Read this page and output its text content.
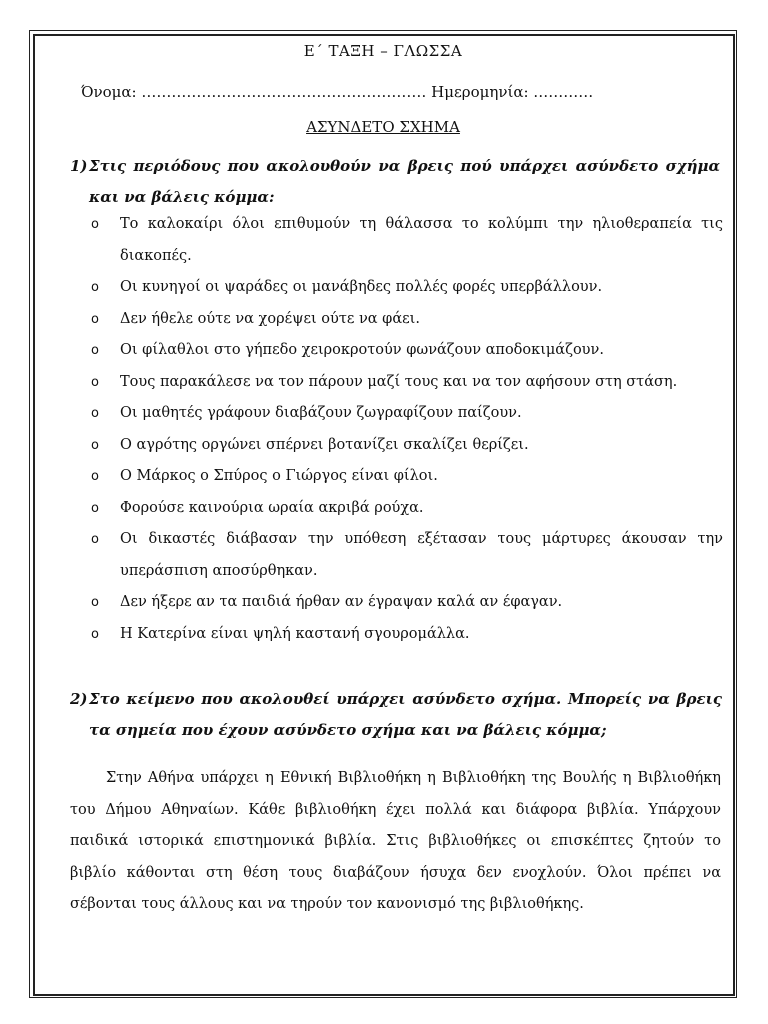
Ε΄ ΤΑΞΗ – ΓΛΩΣΣΑ
Όνομα: ………………………………………………… Ημερομηνία: …………
ΑΣΥΝΔΕΤΟ ΣΧΗΜΑ
1) Στις περιόδους που ακολουθούν να βρεις πού υπάρχει ασύνδετο σχήμα και να βάλεις κόμμα:
o Το καλοκαίρι όλοι επιθυμούν τη θάλασσα το κολύμπι την ηλιοθεραπεία τις διακοπές.
o Οι κυνηγοί οι ψαράδες οι μανάβηδες πολλές φορές υπερβάλλουν.
o Δεν ήθελε ούτε να χορέψει ούτε να φάει.
o Οι φίλαθλοι στο γήπεδο χειροκροτούν φωνάζουν αποδοκιμάζουν.
o Τους παρακάλεσε να τον πάρουν μαζί τους και να τον αφήσουν στη στάση.
o Οι μαθητές γράφουν διαβάζουν ζωγραφίζουν παίζουν.
o Ο αγρότης οργώνει σπέρνει βοτανίζει σκαλίζει θερίζει.
o Ο Μάρκος ο Σπύρος ο Γιώργος είναι φίλοι.
o Φορούσε καινούρια ωραία ακριβά ρούχα.
o Οι δικαστές διάβασαν την υπόθεση εξέτασαν τους μάρτυρες άκουσαν την υπεράσπιση αποσύρθηκαν.
o Δεν ήξερε αν τα παιδιά ήρθαν αν έγραψαν καλά αν έφαγαν.
o Η Κατερίνα είναι ψηλή καστανή σγουρομάλλα.
2) Στο κείμενο που ακολουθεί υπάρχει ασύνδετο σχήμα. Μπορείς να βρεις τα σημεία που έχουν ασύνδετο σχήμα και να βάλεις κόμμα;

Στην Αθήνα υπάρχει η Εθνική Βιβλιοθήκη η Βιβλιοθήκη της Βουλής η Βιβλιοθήκη του Δήμου Αθηναίων. Κάθε βιβλιοθήκη έχει πολλά και διάφορα βιβλία. Υπάρχουν παιδικά ιστορικά επιστημονικά βιβλία. Στις βιβλιοθήκες οι επισκέπτες ζητούν το βιβλίο κάθονται στη θέση τους διαβάζουν ήσυχα δεν ενοχλούν. Όλοι πρέπει να σέβονται τους άλλους και να τηρούν τον κανονισμό της βιβλιοθήκης.
